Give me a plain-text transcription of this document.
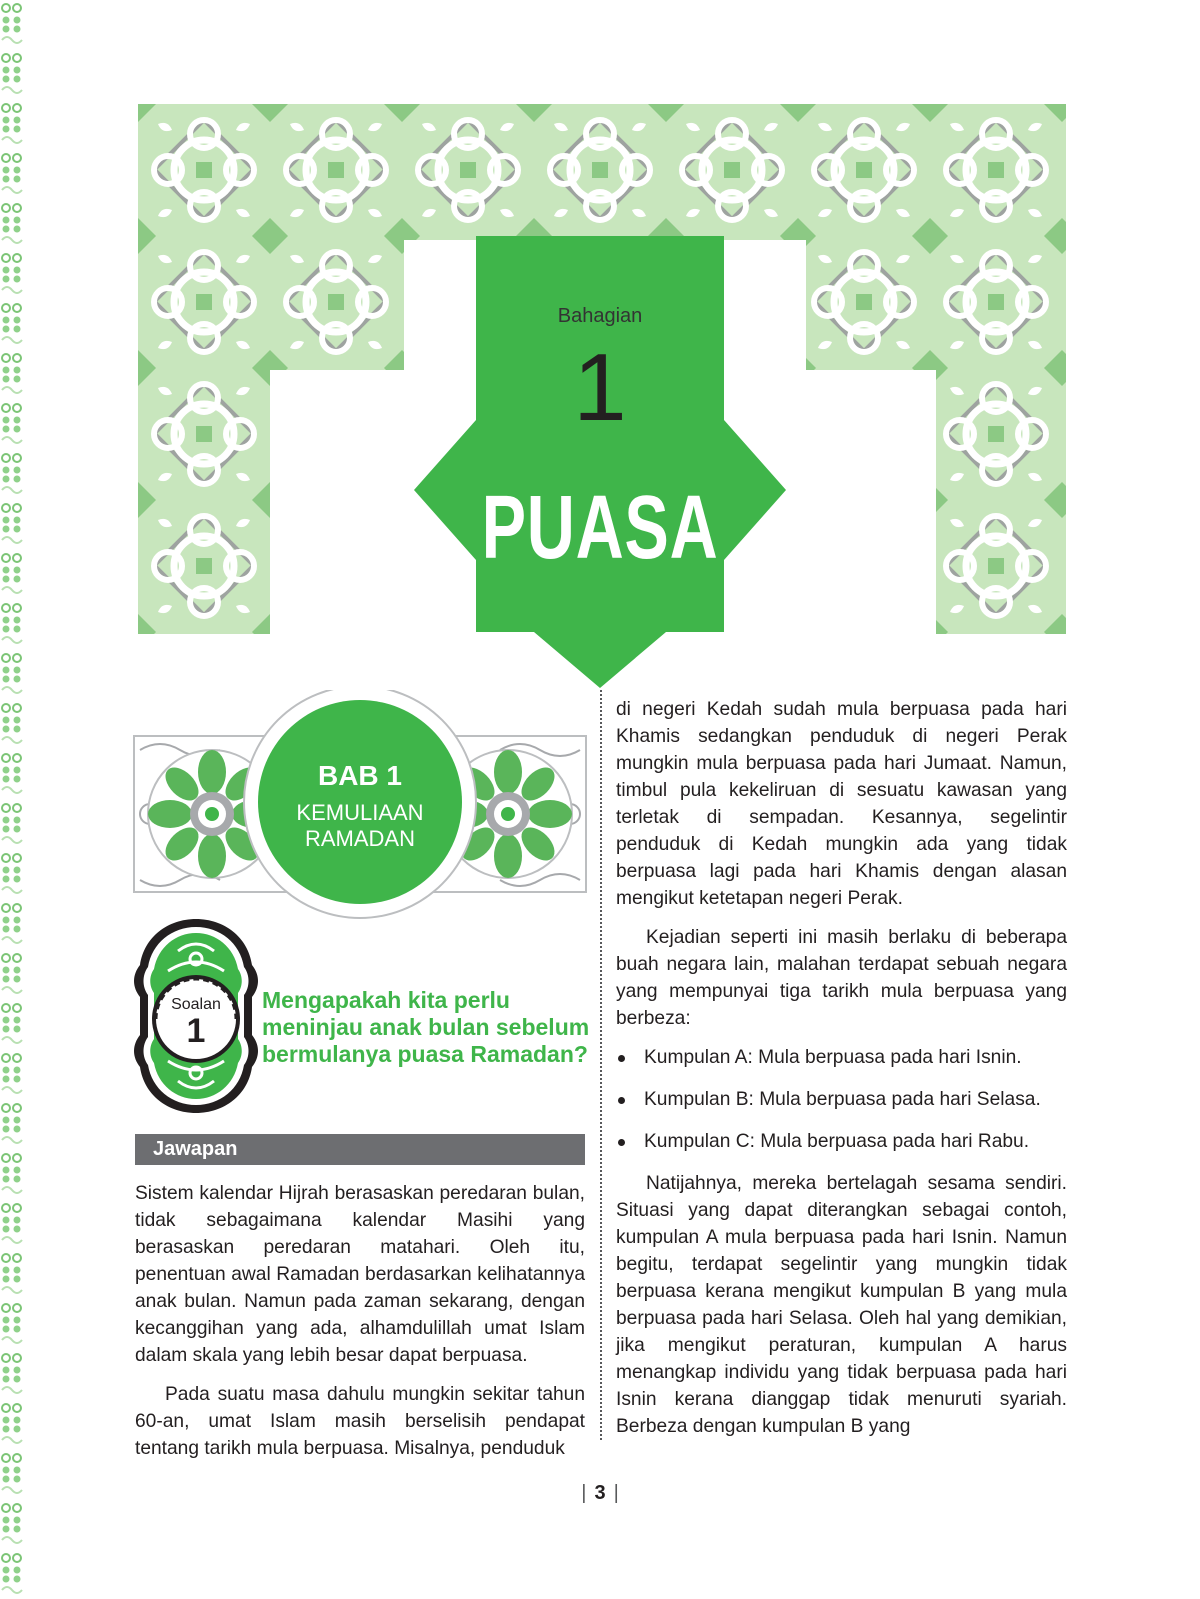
Bahagian
1
PUASA
BAB 1
KEMULIAAN
RAMADAN
Soalan
1
Mengapakah kita perlu meninjau anak bulan sebelum bermulanya puasa Ramadan?
Jawapan

Sistem kalendar Hijrah berasaskan peredaran bulan, tidak sebagaimana kalendar Masihi yang berasaskan peredaran matahari. Oleh itu, penentuan awal Ramadan berdasarkan kelihatannya anak bulan. Namun pada zaman sekarang, dengan kecanggihan yang ada, alhamdulillah umat Islam dalam skala yang lebih besar dapat berpuasa.

Pada suatu masa dahulu mungkin sekitar tahun 60-an, umat Islam masih berselisih pendapat tentang tarikh mula berpuasa. Misalnya, penduduk

di negeri Kedah sudah mula berpuasa pada hari Khamis sedangkan penduduk di negeri Perak mungkin mula berpuasa pada hari Jumaat. Namun, timbul pula kekeliruan di sesuatu kawasan yang terletak di sempadan. Kesannya, segelintir penduduk di Kedah mungkin ada yang tidak berpuasa lagi pada hari Khamis dengan alasan mengikut ketetapan negeri Perak.

Kejadian seperti ini masih berlaku di beberapa buah negara lain, malahan terdapat sebuah negara yang mempunyai tiga tarikh mula berpuasa yang berbeza:

Kumpulan A: Mula berpuasa pada hari Isnin.
Kumpulan B: Mula berpuasa pada hari Selasa.
Kumpulan C: Mula berpuasa pada hari Rabu.

Natijahnya, mereka bertelagah sesama sendiri. Situasi yang dapat diterangkan sebagai contoh, kumpulan A mula berpuasa pada hari Isnin. Namun begitu, terdapat segelintir yang mungkin tidak berpuasa kerana mengikut kumpulan B yang mula berpuasa pada hari Selasa. Oleh hal yang demikian, jika mengikut peraturan, kumpulan A harus menangkap individu yang tidak berpuasa pada hari Isnin kerana dianggap tidak menuruti syariah. Berbeza dengan kumpulan B yang

| 3 |
